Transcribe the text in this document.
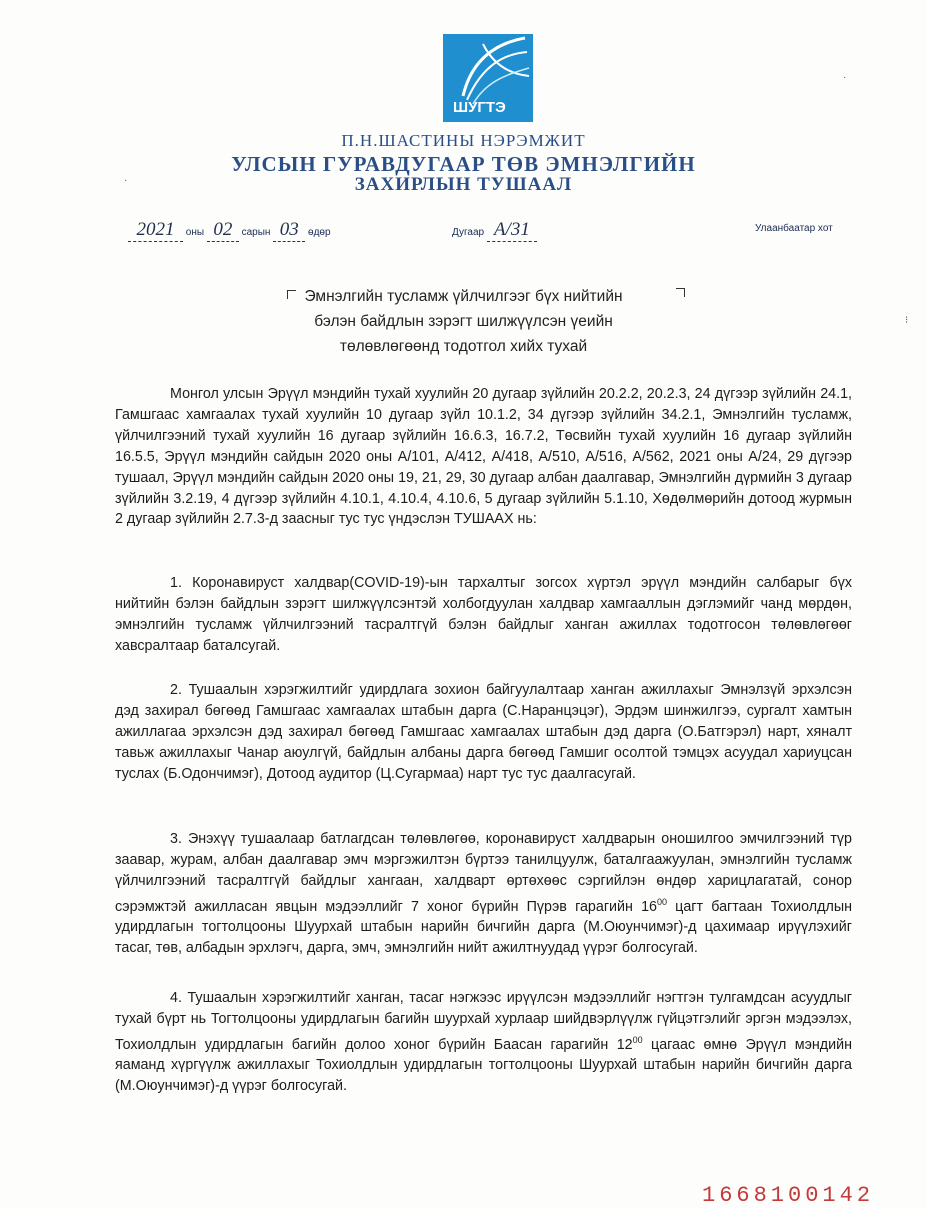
ШУГТЭ
П.Н.ШАСТИНЫ НЭРЭМЖИТ
УЛСЫН ГУРАВДУГААР ТӨВ ЭМНЭЛГИЙН
ЗАХИРЛЫН ТУШААЛ
2021 оны 02 сарын 03 өдөр	Дугаар А/31	Улаанбаатар хот
Эмнэлгийн тусламж үйлчилгээг бүх нийтийн
бэлэн байдлын зэрэгт шилжүүлсэн үеийн
төлөвлөгөөнд тодотгол хийх тухай
Монгол улсын Эрүүл мэндийн тухай хуулийн 20 дугаар зүйлийн 20.2.2, 20.2.3, 24 дүгээр зүйлийн 24.1, Гамшгаас хамгаалах тухай хуулийн 10 дугаар зүйл 10.1.2, 34 дүгээр зүйлийн 34.2.1, Эмнэлгийн тусламж, үйлчилгээний тухай хуулийн 16 дугаар зүйлийн 16.6.3, 16.7.2, Төсвийн тухай хуулийн 16 дугаар зүйлийн 16.5.5, Эрүүл мэндийн сайдын 2020 оны А/101, А/412, А/418, А/510, А/516, А/562, 2021 оны А/24, 29 дүгээр тушаал, Эрүүл мэндийн сайдын 2020 оны 19, 21, 29, 30 дугаар албан даалгавар, Эмнэлгийн дүрмийн 3 дугаар зүйлийн 3.2.19, 4 дүгээр зүйлийн 4.10.1, 4.10.4, 4.10.6, 5 дугаар зүйлийн 5.1.10, Хөдөлмөрийн дотоод журмын 2 дугаар зүйлийн 2.7.3-д заасныг тус тус үндэслэн ТУШААХ нь:
1. Коронавируст халдвар(COVID-19)-ын тархалтыг зогсох хүртэл эрүүл мэндийн салбарыг бүх нийтийн бэлэн байдлын зэрэгт шилжүүлсэнтэй холбогдуулан халдвар хамгааллын дэглэмийг чанд мөрдөн, эмнэлгийн тусламж үйлчилгээний тасралтгүй бэлэн байдлыг ханган ажиллах тодотгосон төлөвлөгөөг хавсралтаар баталсугай.
2. Тушаалын хэрэгжилтийг удирдлага зохион байгуулалтаар ханган ажиллахыг Эмнэлзүй эрхэлсэн дэд захирал бөгөөд Гамшгаас хамгаалах штабын дарга (С.Наранцэцэг), Эрдэм шинжилгээ, сургалт хамтын ажиллагаа эрхэлсэн дэд захирал бөгөөд Гамшгаас хамгаалах штабын дэд дарга (О.Батгэрэл) нарт, хяналт тавьж ажиллахыг Чанар аюулгүй, байдлын албаны дарга бөгөөд Гамшиг осолтой тэмцэх асуудал хариуцсан туслах (Б.Одончимэг), Дотоод аудитор (Ц.Сугармаа) нарт тус тус даалгасугай.
3. Энэхүү тушаалаар батлагдсан төлөвлөгөө, коронавируст халдварын оношилгоо эмчилгээний түр заавар, журам, албан даалгавар эмч мэргэжилтэн бүртээ танилцуулж, баталгаажуулан, эмнэлгийн тусламж үйлчилгээний тасралтгүй байдлыг хангаан, халдварт өртөхөөс сэргийлэн өндөр харицлагатай, сонор сэрэмжтэй ажилласан явцын мэдээллийг 7 хоног бүрийн Пүрэв гарагийн $16^{00}$ цагт багтаан Тохиолдлын удирдлагын тогтолцооны Шуурхай штабын нарийн бичгийн дарга (М.Оюунчимэг)-д цахимаар ирүүлэхийг тасаг, төв, албадын эрхлэгч, дарга, эмч, эмнэлгийн нийт ажилтнуудад үүрэг болгосугай.
4. Тушаалын хэрэгжилтийг ханган, тасаг нэгжээс ирүүлсэн мэдээллийг нэгтгэн тулгамдсан асуудлыг тухай бүрт нь Тогтолцооны удирдлагын багийн шуурхай хурлаар шийдвэрлүүлж гүйцэтгэлийг эргэн мэдээлэх, Тохиолдлын удирдлагын багийн долоо хоног бүрийн Баасан гарагийн $12^{00}$ цагаас өмнө Эрүүл мэндийн яаманд хүргүүлж ажиллахыг Тохиолдлын удирдлагын тогтолцооны Шуурхай штабын нарийн бичгийн дарга (М.Оюунчимэг)-д үүрэг болгосугай.
1668100142
·
⁝
·
